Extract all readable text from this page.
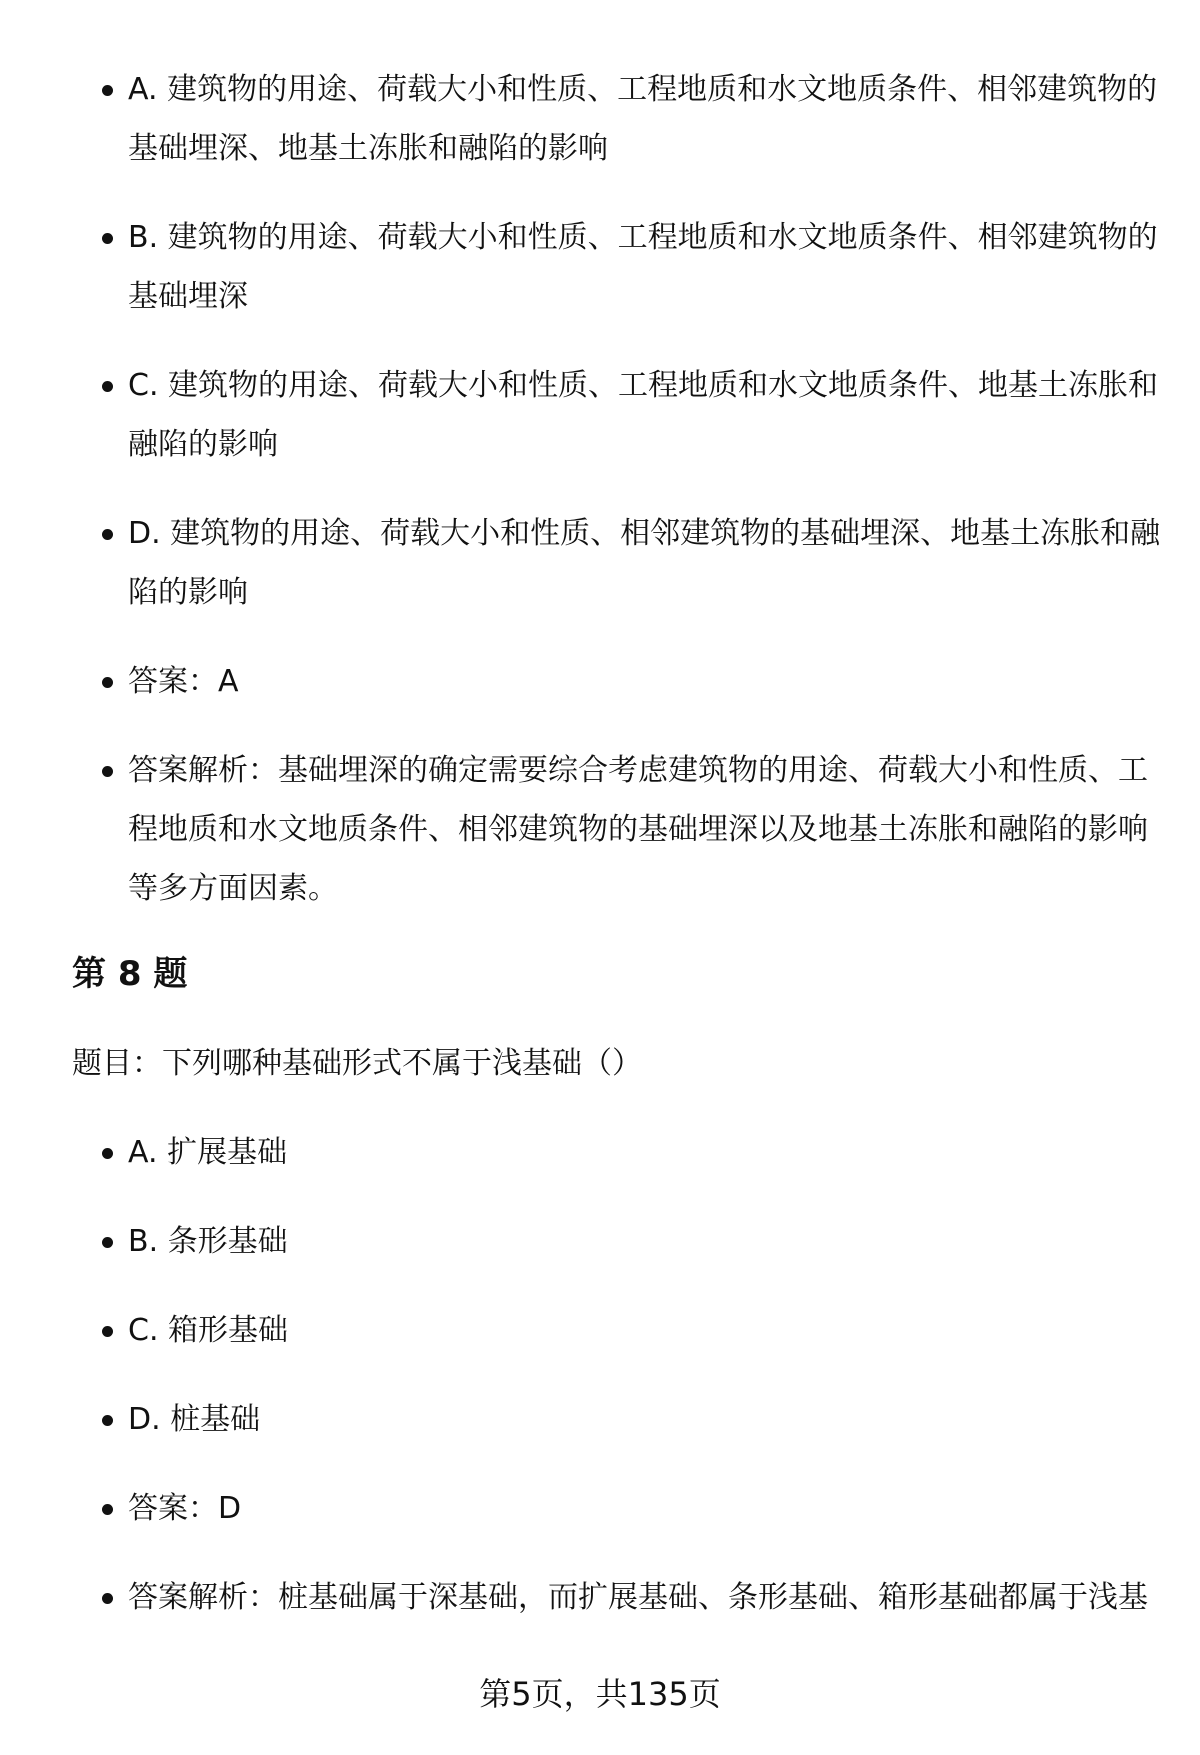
A. 建筑物的用途、荷载大小和性质、工程地质和水文地质条件、相邻建筑物的基础埋深、地基土冻胀和融陷的影响
B. 建筑物的用途、荷载大小和性质、工程地质和水文地质条件、相邻建筑物的基础埋深
C. 建筑物的用途、荷载大小和性质、工程地质和水文地质条件、地基土冻胀和融陷的影响
D. 建筑物的用途、荷载大小和性质、相邻建筑物的基础埋深、地基土冻胀和融陷的影响
答案：A
答案解析：基础埋深的确定需要综合考虑建筑物的用途、荷载大小和性质、工程地质和水文地质条件、相邻建筑物的基础埋深以及地基土冻胀和融陷的影响等多方面因素。
第 8 题
题目：下列哪种基础形式不属于浅基础（）
A. 扩展基础
B. 条形基础
C. 箱形基础
D. 桩基础
答案：D
答案解析：桩基础属于深基础，而扩展基础、条形基础、箱形基础都属于浅基
第5页，共135页
